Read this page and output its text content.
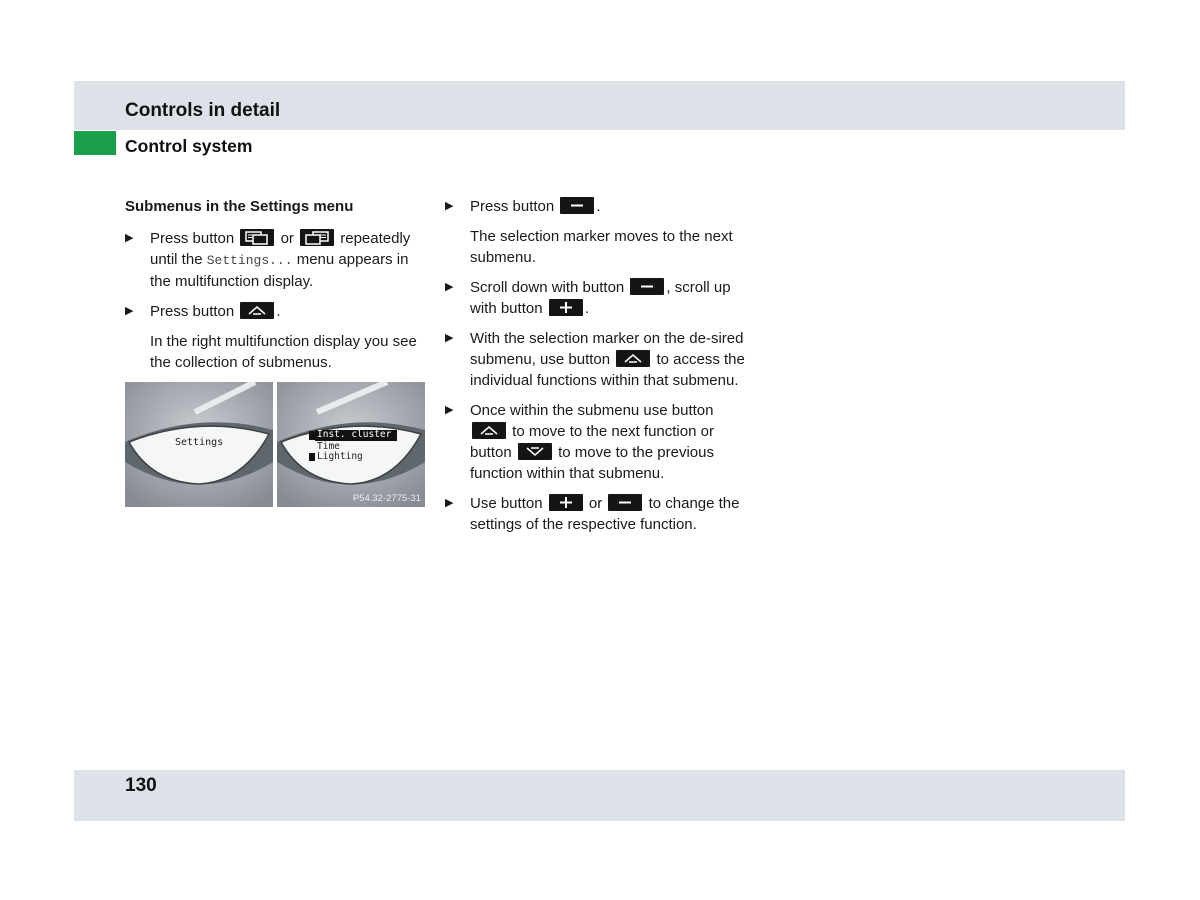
Controls in detail
Control system
Submenus in the Settings menu
▶ Press button	or	repeatedly until the Settings... menu appears in the multifunction display.
▶ Press button	.
In the right multifunction display you see the collection of submenus.
Settings
Inst. cluster
Time
Lighting
P54.32-2775-31
▶ Press button	.
The selection marker moves to the next submenu.
▶ Scroll down with button	, scroll up with button	.
▶ With the selection marker on the de-sired submenu, use button	to access the individual functions within that submenu.
▶ Once within the submenu use button
to move to the next function or button	to move to the previous function within that submenu.
▶ Use button	or	to change the settings of the respective function.
130
